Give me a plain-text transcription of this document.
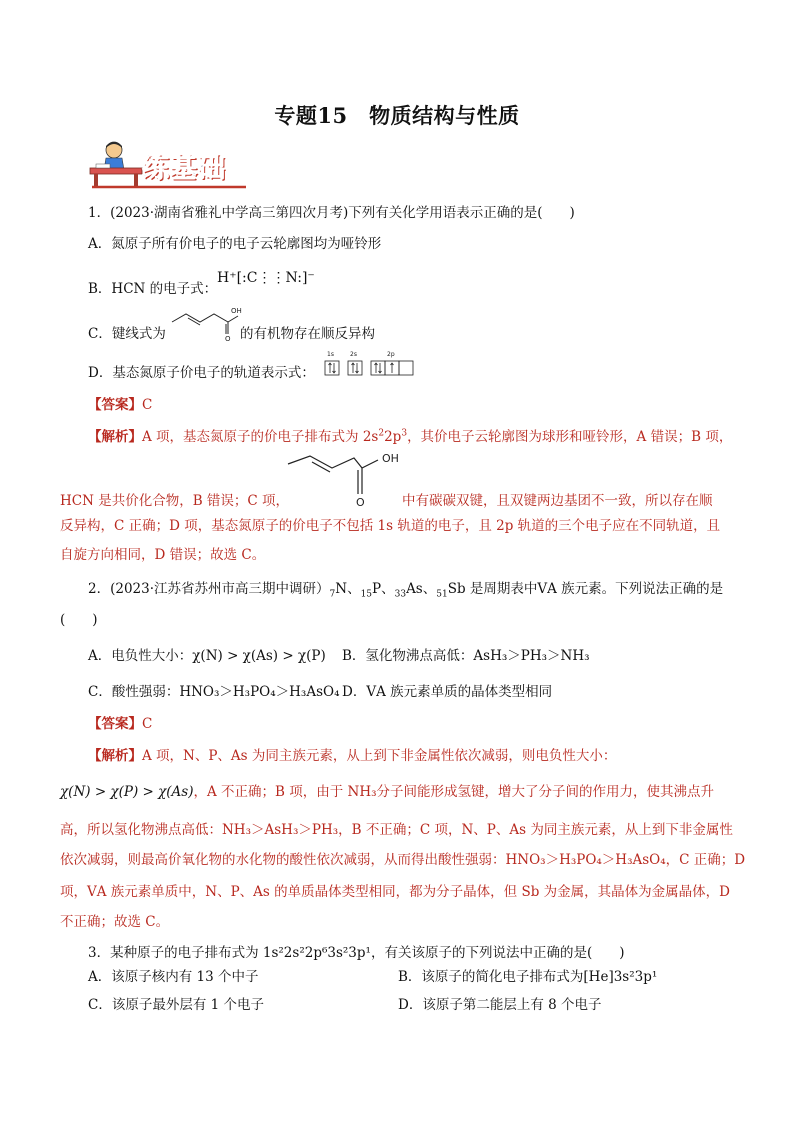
专题15　物质结构与性质
练基础
1．(2023·湖南省雅礼中学高三第四次月考)下列有关化学用语表示正确的是(　　)
A．氮原子所有价电子的电子云轮廓图均为哑铃形
B．HCN 的电子式：
H⁺[:C⋮⋮N:]⁻
C．键线式为
OH
O 的有机物存在顺反异构
D．基态氮原子价电子的轨道表示式：
1s	2s	2p
【答案】C
【解析】A 项，基态氮原子的价电子排布式为 $2s^22p^3$，其价电子云轮廓图为球形和哑铃形，A 错误；B 项，
OH
O
HCN 是共价化合物，B 错误；C 项，	中有碳碳双键，且双键两边基团不一致，所以存在顺
反异构，C 正确；D 项，基态氮原子的价电子不包括 1s 轨道的电子，且 2p 轨道的三个电子应在不同轨道，且
自旋方向相同，D 错误；故选 C。
2．(2023·江苏省苏州市高三期中调研）$_7N$、$_{15}$P、$_{33}$As、$_{51}$Sb 是周期表中ⅤA 族元素。下列说法正确的是
(　　)
A．电负性大小：χ(N) > χ(As) > χ(P) B．氢化物沸点高低：AsH₃＞PH₃＞NH₃
C．酸性强弱：HNO₃＞H₃PO₄＞H₃AsO₄ D．ⅤA 族元素单质的晶体类型相同
【答案】C
【解析】A 项，N、P、As 为同主族元素，从上到下非金属性依次减弱，则电负性大小：
χ(N) > χ(P) > χ(As)，A 不正确；B 项，由于 NH₃分子间能形成氢键，增大了分子间的作用力，使其沸点升
高，所以氢化物沸点高低：NH₃＞AsH₃＞PH₃，B 不正确；C 项，N、P、As 为同主族元素，从上到下非金属性
依次减弱，则最高价氧化物的水化物的酸性依次减弱，从而得出酸性强弱：HNO₃＞H₃PO₄＞H₃AsO₄，C 正确；D
项，ⅤA 族元素单质中，N、P、As 的单质晶体类型相同，都为分子晶体，但 Sb 为金属，其晶体为金属晶体，D
不正确；故选 C。
3．某种原子的电子排布式为 1s²2s²2p⁶3s²3p¹，有关该原子的下列说法中正确的是(　　)
A．该原子核内有 13 个中子	B．该原子的简化电子排布式为[He]3s²3p¹
C．该原子最外层有 1 个电子	D．该原子第二能层上有 8 个电子
